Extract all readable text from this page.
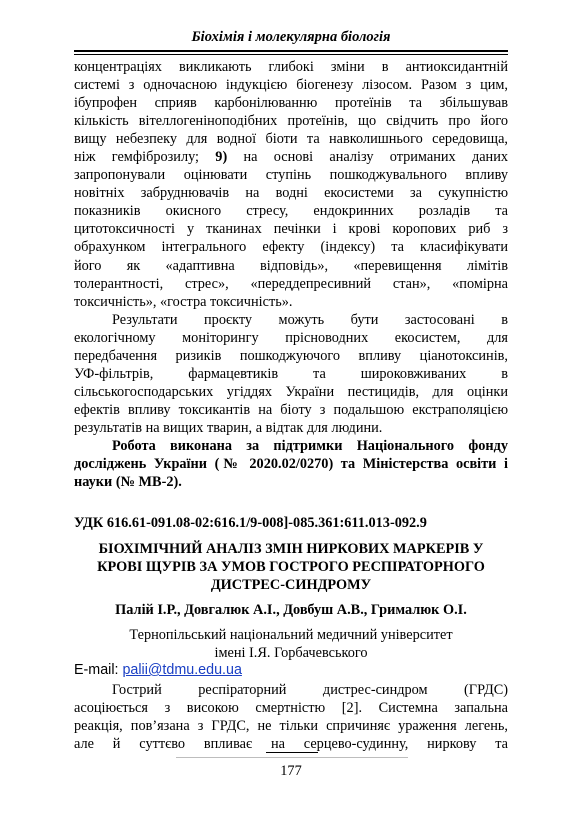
Біохімія і молекулярна біологія
концентраціях викликають глибокі зміни в антиоксидантній
системі з одночасною індукцією біогенезу лізосом. Разом з цим,
ібупрофен сприяв карбонілюванню протеїнів та збільшував
кількість вітеллогеніноподібних протеїнів, що свідчить про його
вищу небезпеку для водної біоти та навколишнього середовища,
ніж гемфіброзилу; 9) на основі аналізу отриманих даних
запропонували оцінювати ступінь пошкоджувального впливу
новітніх забруднювачів на водні екосистеми за сукупністю
показників окисного стресу, ендокринних розладів та
цитотоксичності у тканинах печінки і крові коропових риб з
обрахунком інтегрального ефекту (індексу) та класифікувати
його як «адаптивна відповідь», «перевищення лімітів
толерантності, стрес», «переддепресивний стан», «помірна
токсичність», «гостра токсичність».
Результати проєкту можуть бути застосовані в
екологічному моніторингу прісноводних екосистем, для
передбачення ризиків пошкоджуючого впливу ціанотоксинів,
УФ-фільтрів, фармацевтиків та широковживаних в
сільськогосподарських угіддях України пестицидів, для оцінки
ефектів впливу токсикантів на біоту з подальшою екстраполяцією
результатів на вищих тварин, а відтак для людини.
Робота виконана за підтримки Національного фонду
досліджень України (№ 2020.02/0270) та Міністерства освіти і
науки (№ МВ-2).
УДК 616.61-091.08-02:616.1/9-008]-085.361:611.013-092.9
БІОХІМІЧНИЙ АНАЛІЗ ЗМІН НИРКОВИХ МАРКЕРІВ У
КРОВІ ЩУРІВ ЗА УМОВ ГОСТРОГО РЕСПІРАТОРНОГО
ДИСТРЕС-СИНДРОМУ
Палій І.Р., Довгалюк А.І., Довбуш А.В., Грималюк О.І.
Тернопільський національний медичний університет
імені І.Я. Горбачевського
E-mail: palii@tdmu.edu.ua
Гострий респіраторний дистрес-синдром (ГРДС)
асоціюється з високою смертністю [2]. Системна запальна
реакція, пов’язана з ГРДС, не тільки спричиняє ураження легень,
але й суттєво впливає на серцево-судинну, ниркову та
177
